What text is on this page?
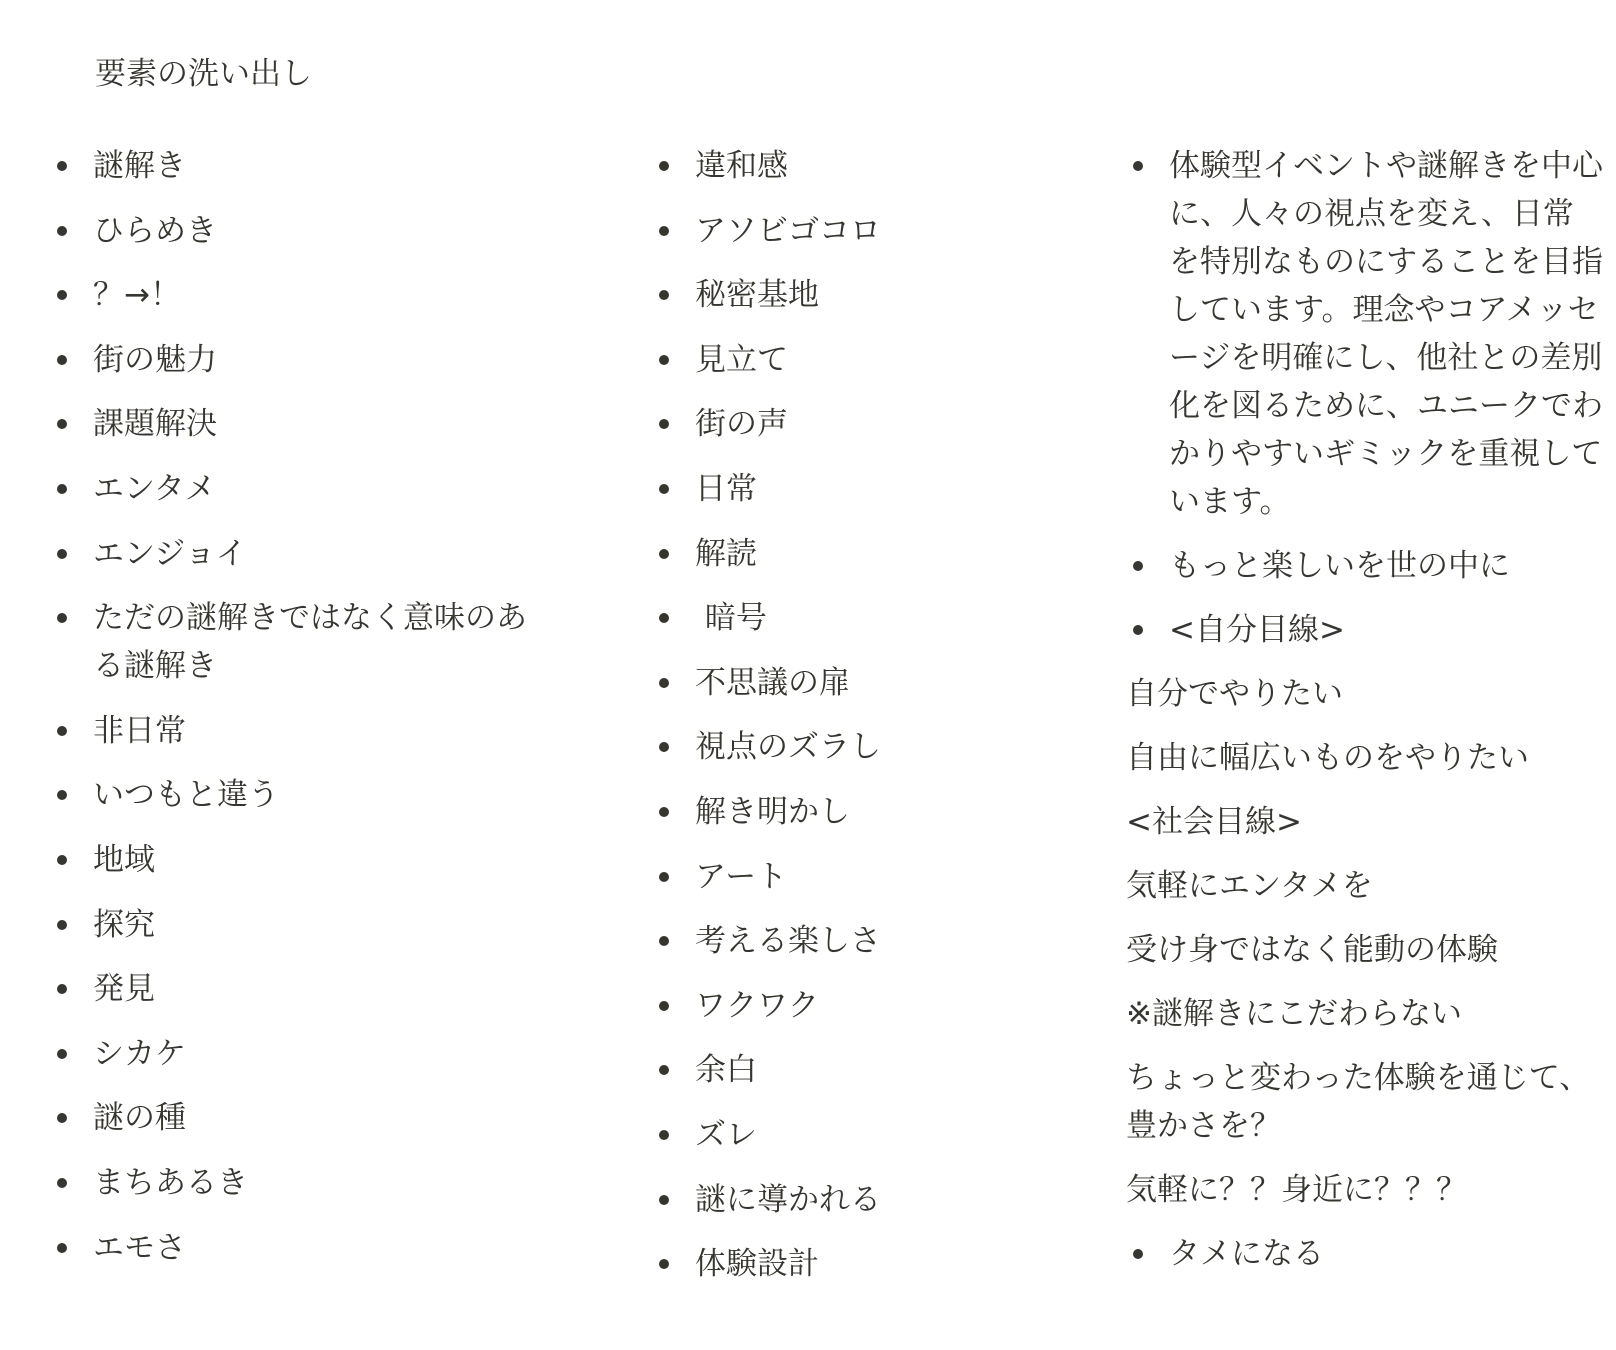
要素の洗い出し
謎解き
ひらめき
？→！
街の魅力
課題解決
エンタメ
エンジョイ
ただの謎解きではなく意味のある謎解き
非日常
いつもと違う
地域
探究
発見
シカケ
謎の種
まちあるき
エモさ
違和感
アソビゴコロ
秘密基地
見立て
街の声
日常
解読
暗号
不思議の扉
視点のズラし
解き明かし
アート
考える楽しさ
ワクワク
余白
ズレ
謎に導かれる
体験設計
体験型イベントや謎解きを中心に、人々の視点を変え、日常を特別なものにすることを目指しています。理念やコアメッセージを明確にし、他社との差別化を図るために、ユニークでわかりやすいギミックを重視しています。
もっと楽しいを世の中に
<自分目線>
自分でやりたい
自由に幅広いものをやりたい
<社会目線>
気軽にエンタメを
受け身ではなく能動の体験
※謎解きにこだわらない
ちょっと変わった体験を通じて、豊かさを？
気軽に？？身近に？？？
タメになる
